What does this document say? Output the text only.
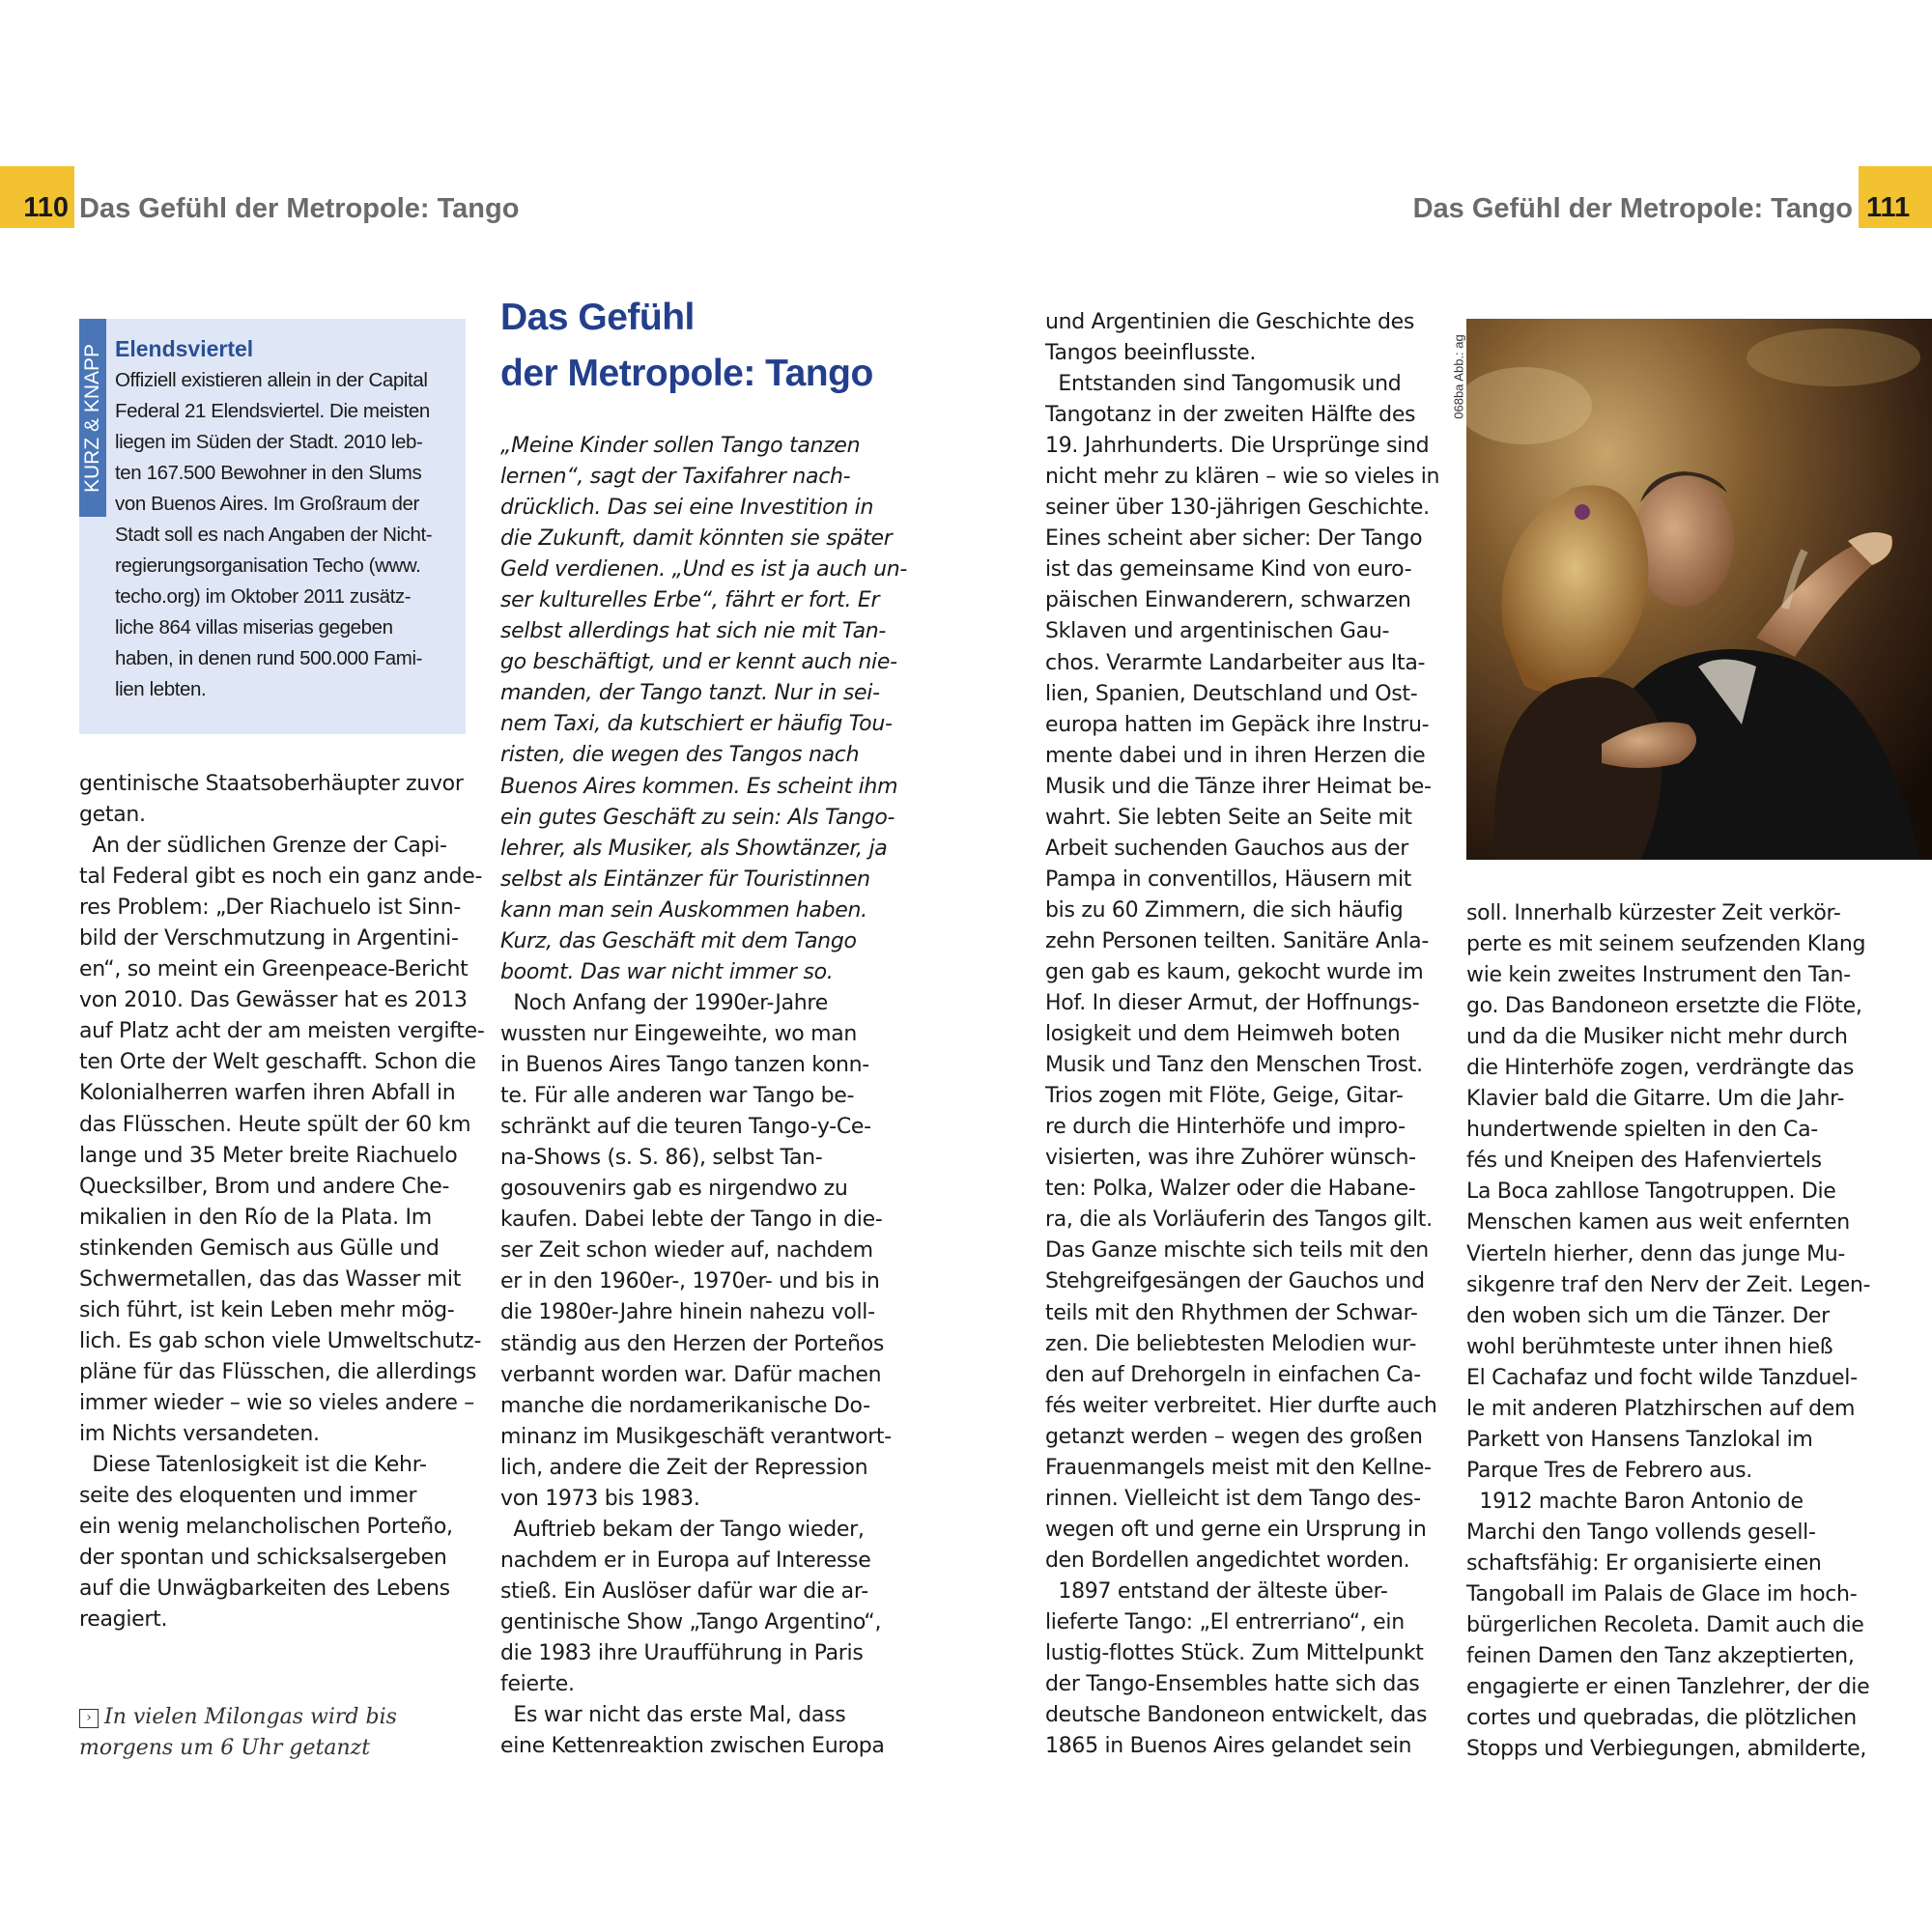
110 Das Gefühl der Metropole: Tango	Das Gefühl der Metropole: Tango 111
KURZ & KNAPP Elendsviertel
Offiziell existieren allein in der Capital
Federal 21 Elendsviertel. Die meisten
liegen im Süden der Stadt. 2010 leb-
ten 167.500 Bewohner in den Slums
von Buenos Aires. Im Großraum der
Stadt soll es nach Angaben der Nicht-
regierungsorganisation Techo (www.
techo.org) im Oktober 2011 zusätz-
liche 864 villas miserias gegeben
haben, in denen rund 500.000 Fami-
lien lebten.
gentinische Staatsoberhäupter zuvor
getan.
An der südlichen Grenze der Capi-
tal Federal gibt es noch ein ganz ande-
res Problem: „Der Riachuelo ist Sinn-
bild der Verschmutzung in Argentini-
en“, so meint ein Greenpeace-Bericht
von 2010. Das Gewässer hat es 2013
auf Platz acht der am meisten vergifte-
ten Orte der Welt geschafft. Schon die
Kolonialherren warfen ihren Abfall in
das Flüsschen. Heute spült der 60 km
lange und 35 Meter breite Riachuelo
Quecksilber, Brom und andere Che-
mikalien in den Río de la Plata. Im
stinkenden Gemisch aus Gülle und
Schwermetallen, das das Wasser mit
sich führt, ist kein Leben mehr mög-
lich. Es gab schon viele Umweltschutz-
pläne für das Flüsschen, die allerdings
immer wieder – wie so vieles andere –
im Nichts versandeten.
Diese Tatenlosigkeit ist die Kehr-
seite des eloquenten und immer
ein wenig melancholischen Porteño,
der spontan und schicksalsergeben
auf die Unwägbarkeiten des Lebens
reagiert.
› In vielen Milongas wird bis
morgens um 6 Uhr getanzt
Das Gefühl
der Metropole: Tango
„Meine Kinder sollen Tango tanzen
lernen“, sagt der Taxifahrer nach-
drücklich. Das sei eine Investition in
die Zukunft, damit könnten sie später
Geld verdienen. „Und es ist ja auch un-
ser kulturelles Erbe“, fährt er fort. Er
selbst allerdings hat sich nie mit Tan-
go beschäftigt, und er kennt auch nie-
manden, der Tango tanzt. Nur in sei-
nem Taxi, da kutschiert er häufig Tou-
risten, die wegen des Tangos nach
Buenos Aires kommen. Es scheint ihm
ein gutes Geschäft zu sein: Als Tango-
lehrer, als Musiker, als Showtänzer, ja
selbst als Eintänzer für Touristinnen
kann man sein Auskommen haben.
Kurz, das Geschäft mit dem Tango
boomt. Das war nicht immer so.
Noch Anfang der 1990er-Jahre
wussten nur Eingeweihte, wo man
in Buenos Aires Tango tanzen konn-
te. Für alle anderen war Tango be-
schränkt auf die teuren Tango-y-Ce-
na-Shows (s. S. 86), selbst Tan-
gosouvenirs gab es nirgendwo zu
kaufen. Dabei lebte der Tango in die-
ser Zeit schon wieder auf, nachdem
er in den 1960er-, 1970er- und bis in
die 1980er-Jahre hinein nahezu voll-
ständig aus den Herzen der Porteños
verbannt worden war. Dafür machen
manche die nordamerikanische Do-
minanz im Musikgeschäft verantwort-
lich, andere die Zeit der Repression
von 1973 bis 1983.
Auftrieb bekam der Tango wieder,
nachdem er in Europa auf Interesse
stieß. Ein Auslöser dafür war die ar-
gentinische Show „Tango Argentino“,
die 1983 ihre Uraufführung in Paris
feierte.
Es war nicht das erste Mal, dass
eine Kettenreaktion zwischen Europa
und Argentinien die Geschichte des
Tangos beeinflusste.
Entstanden sind Tangomusik und
Tangotanz in der zweiten Hälfte des
19. Jahrhunderts. Die Ursprünge sind
nicht mehr zu klären – wie so vieles in
seiner über 130-jährigen Geschichte.
Eines scheint aber sicher: Der Tango
ist das gemeinsame Kind von euro-
päischen Einwanderern, schwarzen
Sklaven und argentinischen Gau-
chos. Verarmte Landarbeiter aus Ita-
lien, Spanien, Deutschland und Ost-
europa hatten im Gepäck ihre Instru-
mente dabei und in ihren Herzen die
Musik und die Tänze ihrer Heimat be-
wahrt. Sie lebten Seite an Seite mit
Arbeit suchenden Gauchos aus der
Pampa in conventillos, Häusern mit
bis zu 60 Zimmern, die sich häufig
zehn Personen teilten. Sanitäre Anla-
gen gab es kaum, gekocht wurde im
Hof. In dieser Armut, der Hoffnungs-
losigkeit und dem Heimweh boten
Musik und Tanz den Menschen Trost.
Trios zogen mit Flöte, Geige, Gitar-
re durch die Hinterhöfe und impro-
visierten, was ihre Zuhörer wünsch-
ten: Polka, Walzer oder die Habane-
ra, die als Vorläuferin des Tangos gilt.
Das Ganze mischte sich teils mit den
Stehgreifgesängen der Gauchos und
teils mit den Rhythmen der Schwar-
zen. Die beliebtesten Melodien wur-
den auf Drehorgeln in einfachen Ca-
fés weiter verbreitet. Hier durfte auch
getanzt werden – wegen des großen
Frauenmangels meist mit den Kellne-
rinnen. Vielleicht ist dem Tango des-
wegen oft und gerne ein Ursprung in
den Bordellen angedichtet worden.
1897 entstand der älteste über-
lieferte Tango: „El entrerriano“, ein
lustig-flottes Stück. Zum Mittelpunkt
der Tango-Ensembles hatte sich das
deutsche Bandoneon entwickelt, das
1865 in Buenos Aires gelandet sein
068ba Abb.: ag
soll. Innerhalb kürzester Zeit verkör-
perte es mit seinem seufzenden Klang
wie kein zweites Instrument den Tan-
go. Das Bandoneon ersetzte die Flöte,
und da die Musiker nicht mehr durch
die Hinterhöfe zogen, verdrängte das
Klavier bald die Gitarre. Um die Jahr-
hundertwende spielten in den Ca-
fés und Kneipen des Hafenviertels
La Boca zahllose Tangotruppen. Die
Menschen kamen aus weit enfernten
Vierteln hierher, denn das junge Mu-
sikgenre traf den Nerv der Zeit. Legen-
den woben sich um die Tänzer. Der
wohl berühmteste unter ihnen hieß
El Cachafaz und focht wilde Tanzduel-
le mit anderen Platzhirschen auf dem
Parkett von Hansens Tanzlokal im
Parque Tres de Febrero aus.
1912 machte Baron Antonio de
Marchi den Tango vollends gesell-
schaftsfähig: Er organisierte einen
Tangoball im Palais de Glace im hoch-
bürgerlichen Recoleta. Damit auch die
feinen Damen den Tanz akzeptierten,
engagierte er einen Tanzlehrer, der die
cortes und quebradas, die plötzlichen
Stopps und Verbiegungen, abmilderte,
